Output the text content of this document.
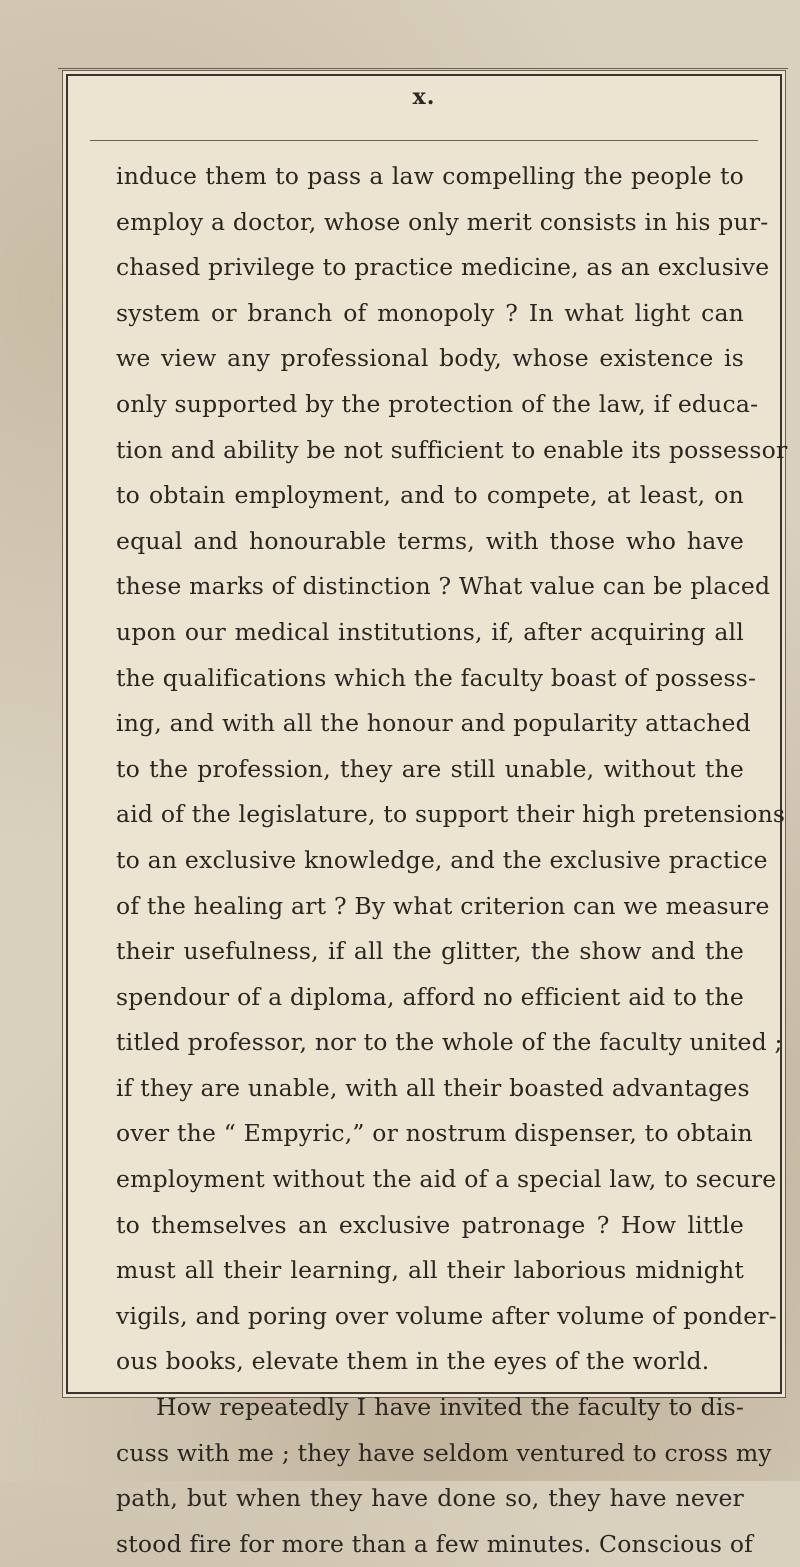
x.
induce them to pass a law compelling the people to
employ a doctor, whose only merit consists in his pur-
chased privilege to practice medicine, as an exclusive
system or branch of monopoly ? In what light can
we view any professional body, whose existence is
only supported by the protection of the law, if educa-
tion and ability be not sufficient to enable its possessor
to obtain employment, and to compete, at least, on
equal and honourable terms, with those who have
these marks of distinction ? What value can be placed
upon our medical institutions, if, after acquiring all
the qualifications which the faculty boast of possess-
ing, and with all the honour and popularity attached
to the profession, they are still unable, without the
aid of the legislature, to support their high pretensions
to an exclusive knowledge, and the exclusive practice
of the healing art ? By what criterion can we measure
their usefulness, if all the glitter, the show and the
spendour of a diploma, afford no efficient aid to the
titled professor, nor to the whole of the faculty united ;
if they are unable, with all their boasted advantages
over the “ Empyric,” or nostrum dispenser, to obtain
employment without the aid of a special law, to secure
to themselves an exclusive patronage ? How little
must all their learning, all their laborious midnight
vigils, and poring over volume after volume of ponder-
ous books, elevate them in the eyes of the world.
How repeatedly I have invited the faculty to dis-
cuss with me ; they have seldom ventured to cross my
path, but when they have done so, they have never
stood fire for more than a few minutes. Conscious of
